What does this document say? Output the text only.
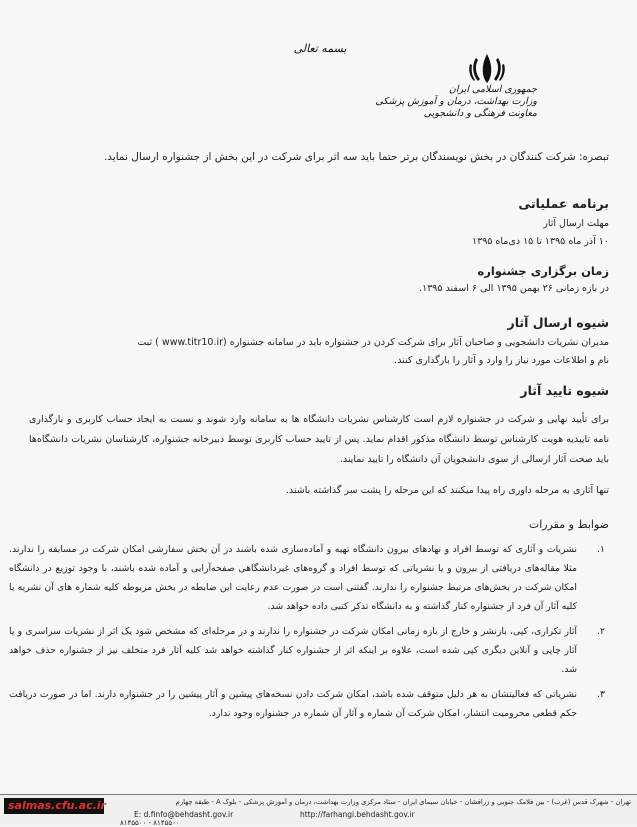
بسمه تعالی
جمهوری اسلامی ایران
وزارت بهداشت، درمان و آموزش پزشکی
معاونت فرهنگی و دانشجویی
تبصره: شرکت کنندگان در بخش نویسندگان برتر حتما باید سه اثر برای شرکت در این بخش از جشنواره ارسال نمايد.
برنامه عملیاتی
مهلت ارسال آثار
۱۰ آذر ماه ۱۳۹۵ تا ۱۵ دی‌ماه ۱۳۹۵
زمان برگزاری جشنواره
در بازه زمانی ۲۶ بهمن ۱۳۹۵ الی ۶ اسفند ۱۳۹۵.
شیوه ارسال آثار
مدیران نشریات دانشجویی و صاحبان آثار برای شرکت کردن در جشنواره باید در سامانه جشنواره (www.titr10.ir ) ثبت
نام و اطلاعات مورد نیاز را وارد و آثار را بارگذاری کنند.
شیوه تایید آثار
برای تأیید نهایی و شرکت در جشنواره لازم است کارشناس نشریات دانشگاه ها به سامانه وارد شوند و نسبت به ایجاد حساب کاربری و بارگذاری نامه تاییدیه هویت کارشناس توسط دانشگاه مذکور اقدام نماید. پس از تایید حساب کاربری توسط دبیرخانه جشنواره، کارشناسان نشریات دانشگاه‌ها باید صحت آثار ارسالی از سوی دانشجویان آن دانشگاه را تایید نمایند.
تنها آثاری به مرحله داوری راه پیدا میکنند که این مرحله را پشت سر گذاشته باشند.
ضوابط و مقررات
۱.
نشریات و آثاری که توسط افراد و نهادهای بیرون دانشگاه تهیه و آماده‌سازی شده باشند در آن بخش سفارشی امکان شرکت در مسابقه را ندارند. مثلا مقاله‌های دریافتی از بیرون و یا نشریاتی که توسط افراد و گروه‌های غیردانشگاهی صفحه‌آرایی و آماده شده باشند، با وجود توزیع در دانشگاه امکان شرکت در بخش‌های مرتبط جشنواره را ندارند. گفتنی است در صورت عدم رعایت این ضابطه در بخش مربوطه کلیه شماره های آن نشریه یا کلیه آثار آن فرد از جشنواره کنار گذاشته و به دانشگاه تذکر کتبی داده خواهد شد.
۲.
آثار تکراری، کپی، بازنشر و خارج از بازه زمانی امکان شرکت در جشنواره را ندارند و در مرحله‌ای که مشخص شود یک اثر از نشریات سراسری و یا آثار چاپی و آنلاین دیگری کپی شده است، علاوه بر اینکه اثر از جشنواره کنار گذاشته خواهد شد کلیه آثار فرد متخلف نیز از جشنواره حذف خواهد شد.
۳.
نشریاتی که فعالیتشان به هر دلیل متوقف شده باشد، امکان شرکت دادن نسخه‌های پیشین و آثار پیشین را در جشنواره دارند. اما در صورت دریافت حکم قطعی محرومیت انتشار، امکان شرکت آن شماره و آثار آن شماره در جشنواره وجود ندارد.
تهران - شهرک قدس (غرب) - بین فلامک جنوبی و زرافشان - خیابان سیمای ایران - ستاد مرکزی وزارت بهداشت، درمان و آموزش پزشکی - بلوک A - طبقه چهارم
E: d.finfo@behdasht.gov.ir	http://farhangi.behdasht.gov.ir
۸۱۴۵۵۰۰ - ۸۱۴۵۵۰۰
salmas.cfu.ac.ir
